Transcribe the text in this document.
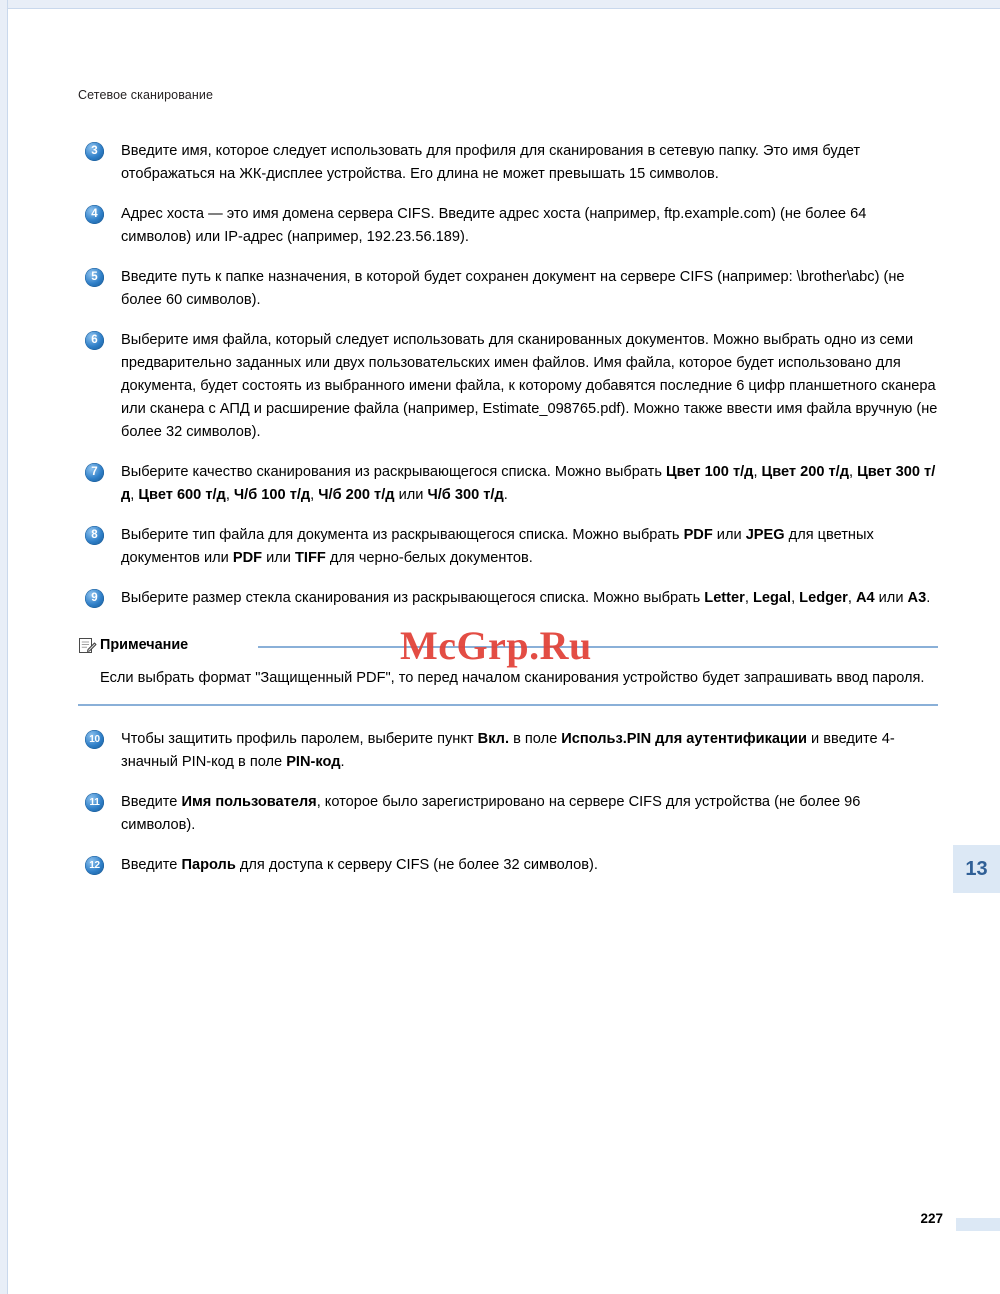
Сетевое сканирование
3	Введите имя, которое следует использовать для профиля для сканирования в сетевую папку. Это имя будет отображаться на ЖК-дисплее устройства. Его длина не может превышать 15 символов.
4	Адрес хоста — это имя домена сервера CIFS. Введите адрес хоста (например, ftp.example.com) (не более 64 символов) или IP-адрес (например, 192.23.56.189).
5	Введите путь к папке назначения, в которой будет сохранен документ на сервере CIFS (например: \brother\abc) (не более 60 символов).
6	Выберите имя файла, который следует использовать для сканированных документов. Можно выбрать одно из семи предварительно заданных или двух пользовательских имен файлов. Имя файла, которое будет использовано для документа, будет состоять из выбранного имени файла, к которому добавятся последние 6 цифр планшетного сканера или сканера с АПД и расширение файла (например, Estimate_098765.pdf). Можно также ввести имя файла вручную (не более 32 символов).
7	Выберите качество сканирования из раскрывающегося списка. Можно выбрать Цвет 100 т/д, Цвет 200 т/д, Цвет 300 т/д, Цвет 600 т/д, Ч/б 100 т/д, Ч/б 200 т/д или Ч/б 300 т/д.
8	Выберите тип файла для документа из раскрывающегося списка. Можно выбрать PDF или JPEG для цветных документов или PDF или TIFF для черно-белых документов.
9	Выберите размер стекла сканирования из раскрывающегося списка. Можно выбрать Letter, Legal, Ledger, A4 или A3.
Примечание
Если выбрать формат "Защищенный PDF", то перед началом сканирования устройство будет запрашивать ввод пароля.
10 Чтобы защитить профиль паролем, выберите пункт Вкл. в поле Использ.PIN для аутентификации и введите 4-значный PIN-код в поле PIN-код.
11	Введите Имя пользователя, которое было зарегистрировано на сервере CIFS для устройства (не более 96 символов).
12 Введите Пароль для доступа к серверу CIFS (не более 32 символов).
McGrp.Ru
13
227
